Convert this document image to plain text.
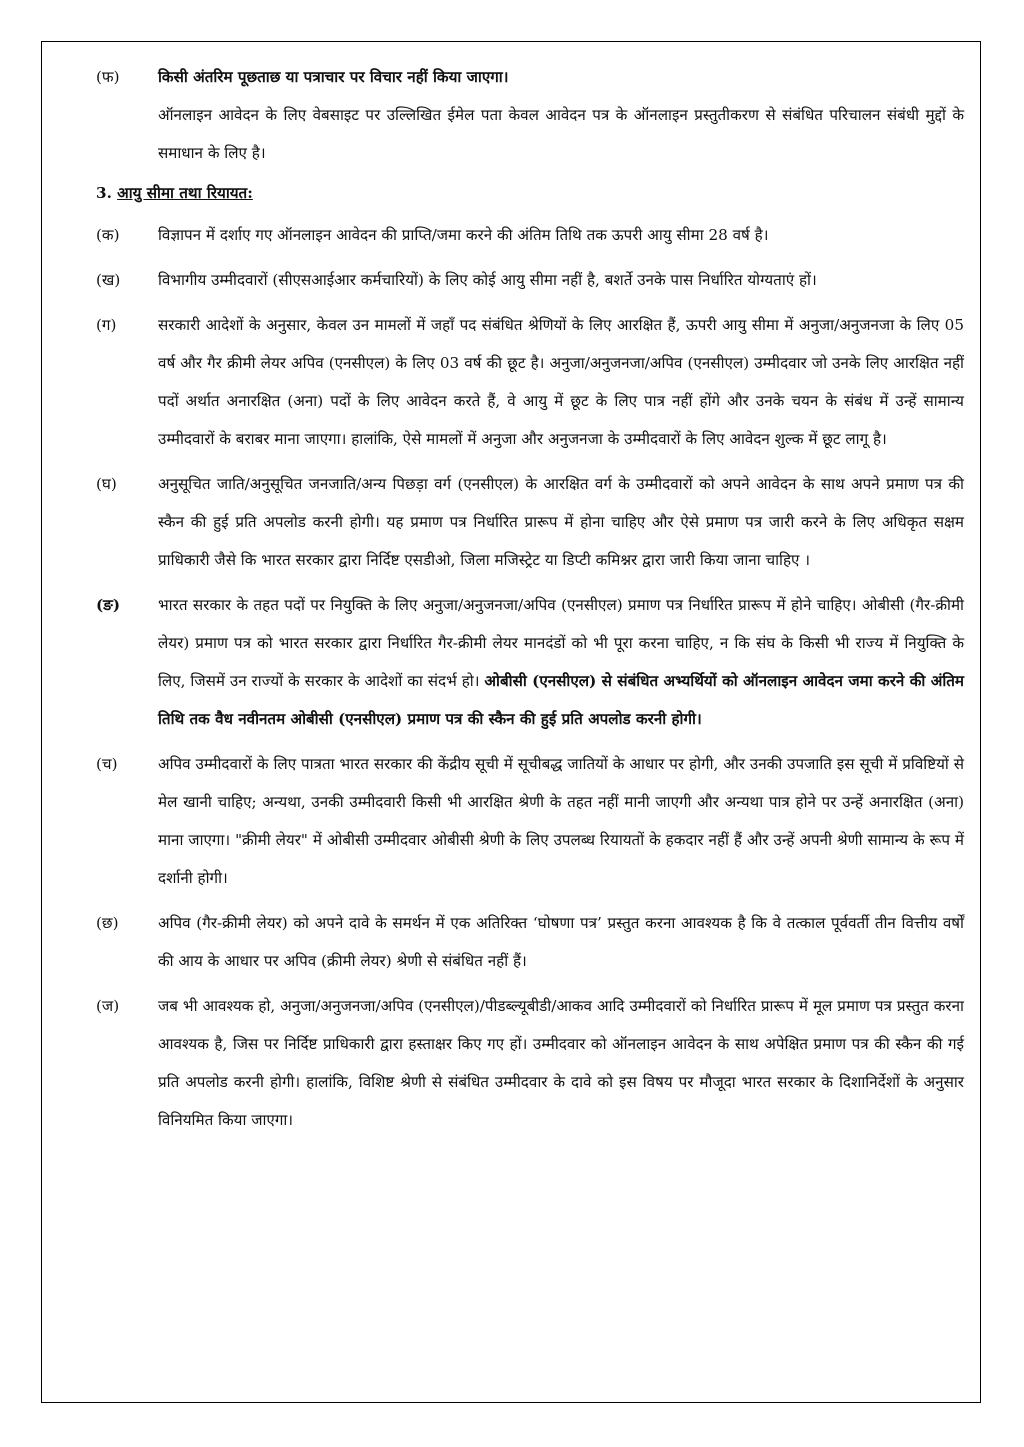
(फ)	किसी अंतरिम पूछताछ या पत्राचार पर विचार नहीं किया जाएगा।
ऑनलाइन आवेदन के लिए वेबसाइट पर उल्लिखित ईमेल पता केवल आवेदन पत्र के ऑनलाइन प्रस्तुतीकरण से संबंधित परिचालन संबंधी मुद्दों के समाधान के लिए है।
3. आयु सीमा तथा रियायत:
(क)	विज्ञापन में दर्शाए गए ऑनलाइन आवेदन की प्राप्ति/जमा करने की अंतिम तिथि तक ऊपरी आयु सीमा 28 वर्ष है।
(ख)	विभागीय उम्मीदवारों (सीएसआईआर कर्मचारियों) के लिए कोई आयु सीमा नहीं है, बशर्ते उनके पास निर्धारित योग्यताएं हों।
(ग)	सरकारी आदेशों के अनुसार, केवल उन मामलों में जहाँ पद संबंधित श्रेणियों के लिए आरक्षित हैं, ऊपरी आयु सीमा में अनुजा/अनुजनजा के लिए 05 वर्ष और गैर क्रीमी लेयर अपिव (एनसीएल) के लिए 03 वर्ष की छूट है। अनुजा/अनुजनजा/अपिव (एनसीएल) उम्मीदवार जो उनके लिए आरक्षित नहीं पदों अर्थात अनारक्षित (अना) पदों के लिए आवेदन करते हैं, वे आयु में छूट के लिए पात्र नहीं होंगे और उनके चयन के संबंध में उन्हें सामान्य उम्मीदवारों के बराबर माना जाएगा। हालांकि, ऐसे मामलों में अनुजा और अनुजनजा के उम्मीदवारों के लिए आवेदन शुल्क में छूट लागू है।
(घ)	अनुसूचित जाति/अनुसूचित जनजाति/अन्य पिछड़ा वर्ग (एनसीएल) के आरक्षित वर्ग के उम्मीदवारों को अपने आवेदन के साथ अपने प्रमाण पत्र की स्कैन की हुई प्रति अपलोड करनी होगी। यह प्रमाण पत्र निर्धारित प्रारूप में होना चाहिए और ऐसे प्रमाण पत्र जारी करने के लिए अधिकृत सक्षम प्राधिकारी जैसे कि भारत सरकार द्वारा निर्दिष्ट एसडीओ, जिला मजिस्ट्रेट या डिप्टी कमिश्नर द्वारा जारी किया जाना चाहिए ।
(ङ)	भारत सरकार के तहत पदों पर नियुक्ति के लिए अनुजा/अनुजनजा/अपिव (एनसीएल) प्रमाण पत्र निर्धारित प्रारूप में होने चाहिए। ओबीसी (गैर-क्रीमी लेयर) प्रमाण पत्र को भारत सरकार द्वारा निर्धारित गैर-क्रीमी लेयर मानदंडों को भी पूरा करना चाहिए, न कि संघ के किसी भी राज्य में नियुक्ति के लिए, जिसमें उन राज्यों के सरकार के आदेशों का संदर्भ हो। ओबीसी (एनसीएल) से संबंधित अभ्यर्थियों को ऑनलाइन आवेदन जमा करने की अंतिम तिथि तक वैध नवीनतम ओबीसी (एनसीएल) प्रमाण पत्र की स्कैन की हुई प्रति अपलोड करनी होगी।
(च)	अपिव उम्मीदवारों के लिए पात्रता भारत सरकार की केंद्रीय सूची में सूचीबद्ध जातियों के आधार पर होगी, और उनकी उपजाति इस सूची में प्रविष्टियों से मेल खानी चाहिए; अन्यथा, उनकी उम्मीदवारी किसी भी आरक्षित श्रेणी के तहत नहीं मानी जाएगी और अन्यथा पात्र होने पर उन्हें अनारक्षित (अना) माना जाएगा। "क्रीमी लेयर" में ओबीसी उम्मीदवार ओबीसी श्रेणी के लिए उपलब्ध रियायतों के हकदार नहीं हैं और उन्हें अपनी श्रेणी सामान्य के रूप में दर्शानी होगी।
(छ)	अपिव (गैर-क्रीमी लेयर) को अपने दावे के समर्थन में एक अतिरिक्त ‘घोषणा पत्र’ प्रस्तुत करना आवश्यक है कि वे तत्काल पूर्ववर्ती तीन वित्तीय वर्षों की आय के आधार पर अपिव (क्रीमी लेयर) श्रेणी से संबंधित नहीं हैं।
(ज)	जब भी आवश्यक हो, अनुजा/अनुजनजा/अपिव (एनसीएल)/पीडब्ल्यूबीडी/आकव आदि उम्मीदवारों को निर्धारित प्रारूप में मूल प्रमाण पत्र प्रस्तुत करना आवश्यक है, जिस पर निर्दिष्ट प्राधिकारी द्वारा हस्ताक्षर किए गए हों। उम्मीदवार को ऑनलाइन आवेदन के साथ अपेक्षित प्रमाण पत्र की स्कैन की गई प्रति अपलोड करनी होगी। हालांकि, विशिष्ट श्रेणी से संबंधित उम्मीदवार के दावे को इस विषय पर मौजूदा भारत सरकार के दिशानिर्देशों के अनुसार विनियमित किया जाएगा।
